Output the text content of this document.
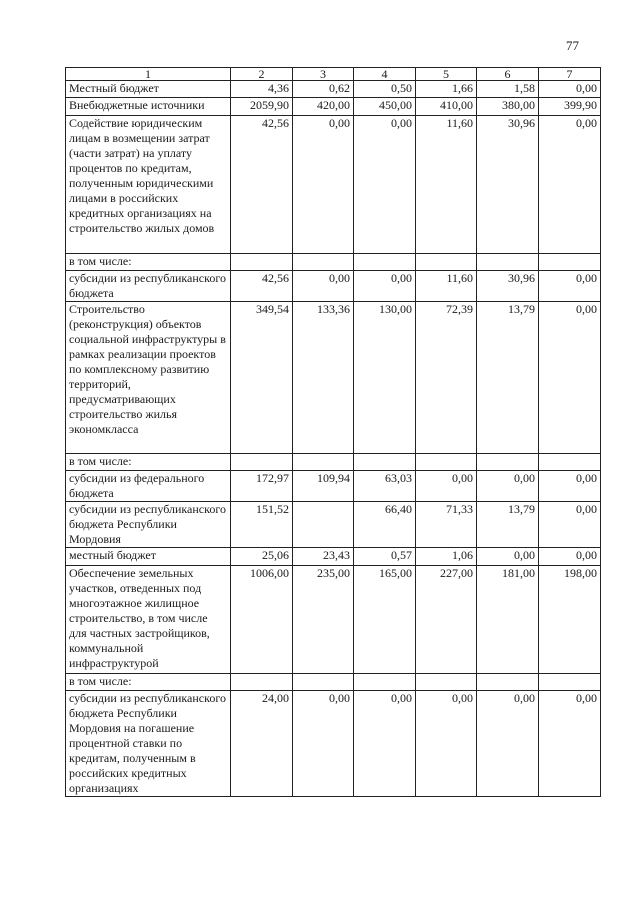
77
1	2	3	4	5	6	7
Местный бюджет	4,36	0,62	0,50	1,66	1,58	0,00
Внебюджетные источники	2059,90	420,00	450,00	410,00	380,00	399,90
Содействие юридическим лицам в возмещении затрат (части затрат) на уплату процентов по кредитам, полученным юридическими лицами в российских кредитных организациях на строительство жилых домов	42,56	0,00	0,00	11,60	30,96	0,00
в том числе:						
субсидии из республиканского бюджета	42,56	0,00	0,00	11,60	30,96	0,00
Строительство (реконструкция) объектов социальной инфраструктуры в рамках реализации проектов по комплексному развитию территорий, предусматривающих строительство жилья экономкласса	349,54	133,36	130,00	72,39	13,79	0,00
в том числе:						
субсидии из федерального бюджета	172,97	109,94	63,03	0,00	0,00	0,00
субсидии из республиканского бюджета Республики Мордовия	151,52		66,40	71,33	13,79	0,00
местный бюджет	25,06	23,43	0,57	1,06	0,00	0,00
Обеспечение земельных участков, отведенных под многоэтажное жилищное строительство, в том числе для частных застройщиков, коммунальной инфраструктурой	1006,00	235,00	165,00	227,00	181,00	198,00
в том числе:						
субсидии из республиканского бюджета Республики Мордовия на погашение процентной ставки по кредитам, полученным в российских кредитных организациях	24,00	0,00	0,00	0,00	0,00	0,00
